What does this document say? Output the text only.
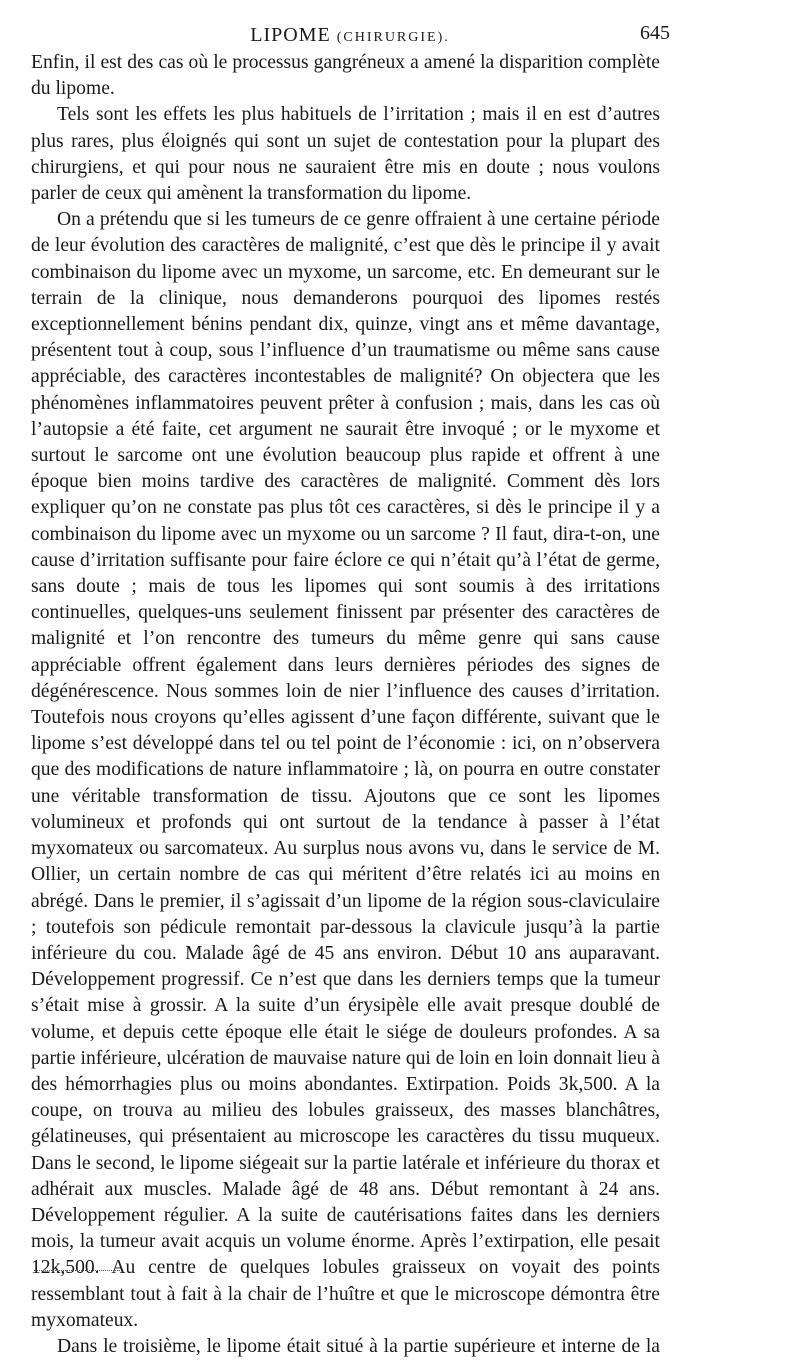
LIPOME (CHIRURGIE).	645

Enfin, il est des cas où le processus gangréneux a amené la disparition complète du lipome.

Tels sont les effets les plus habituels de l’irritation ; mais il en est d’autres plus rares, plus éloignés qui sont un sujet de contestation pour la plupart des chirurgiens, et qui pour nous ne sauraient être mis en doute ; nous voulons parler de ceux qui amènent la transformation du lipome.

On a prétendu que si les tumeurs de ce genre offraient à une certaine période de leur évolution des caractères de malignité, c’est que dès le principe il y avait combinaison du lipome avec un myxome, un sarcome, etc. En demeurant sur le terrain de la clinique, nous demanderons pourquoi des lipomes restés exceptionnellement bénins pendant dix, quinze, vingt ans et même davantage, présentent tout à coup, sous l’influence d’un traumatisme ou même sans cause appréciable, des caractères incontestables de malignité? On objectera que les phénomènes inflammatoires peuvent prêter à confusion ; mais, dans les cas où l’autopsie a été faite, cet argument ne saurait être invoqué ; or le myxome et surtout le sarcome ont une évolution beaucoup plus rapide et offrent à une époque bien moins tardive des caractères de malignité. Comment dès lors expliquer qu’on ne constate pas plus tôt ces caractères, si dès le principe il y a combinaison du lipome avec un myxome ou un sarcome ? Il faut, dira-t-on, une cause d’irritation suffisante pour faire éclore ce qui n’était qu’à l’état de germe, sans doute ; mais de tous les lipomes qui sont soumis à des irritations continuelles, quelques-uns seulement finissent par présenter des caractères de malignité et l’on rencontre des tumeurs du même genre qui sans cause appréciable offrent également dans leurs dernières périodes des signes de dégénérescence. Nous sommes loin de nier l’influence des causes d’irritation. Toutefois nous croyons qu’elles agissent d’une façon différente, suivant que le lipome s’est développé dans tel ou tel point de l’économie : ici, on n’observera que des modifications de nature inflammatoire ; là, on pourra en outre constater une véritable transformation de tissu. Ajoutons que ce sont les lipomes volumineux et profonds qui ont surtout de la tendance à passer à l’état myxomateux ou sarcomateux. Au surplus nous avons vu, dans le service de M. Ollier, un certain nombre de cas qui méritent d’être relatés ici au moins en abrégé. Dans le premier, il s’agissait d’un lipome de la région sous-claviculaire ; toutefois son pédicule remontait par-dessous la clavicule jusqu’à la partie inférieure du cou. Malade âgé de 45 ans environ. Début 10 ans auparavant. Développement progressif. Ce n’est que dans les derniers temps que la tumeur s’était mise à grossir. A la suite d’un érysipèle elle avait presque doublé de volume, et depuis cette époque elle était le siége de douleurs profondes. A sa partie inférieure, ulcération de mauvaise nature qui de loin en loin donnait lieu à des hémorrhagies plus ou moins abondantes. Extirpation. Poids 3k,500. A la coupe, on trouva au milieu des lobules graisseux, des masses blanchâtres, gélatineuses, qui présentaient au microscope les caractères du tissu muqueux. Dans le second, le lipome siégeait sur la partie latérale et inférieure du thorax et adhérait aux muscles. Malade âgé de 48 ans. Début remontant à 24 ans. Développement régulier. A la suite de cautérisations faites dans les derniers mois, la tumeur avait acquis un volume énorme. Après l’extirpation, elle pesait 12k,500. Au centre de quelques lobules graisseux on voyait des points ressemblant tout à fait à la chair de l’huître et que le microscope démontra être myxomateux.

Dans le troisième, le lipome était situé à la partie supérieure et interne de la
